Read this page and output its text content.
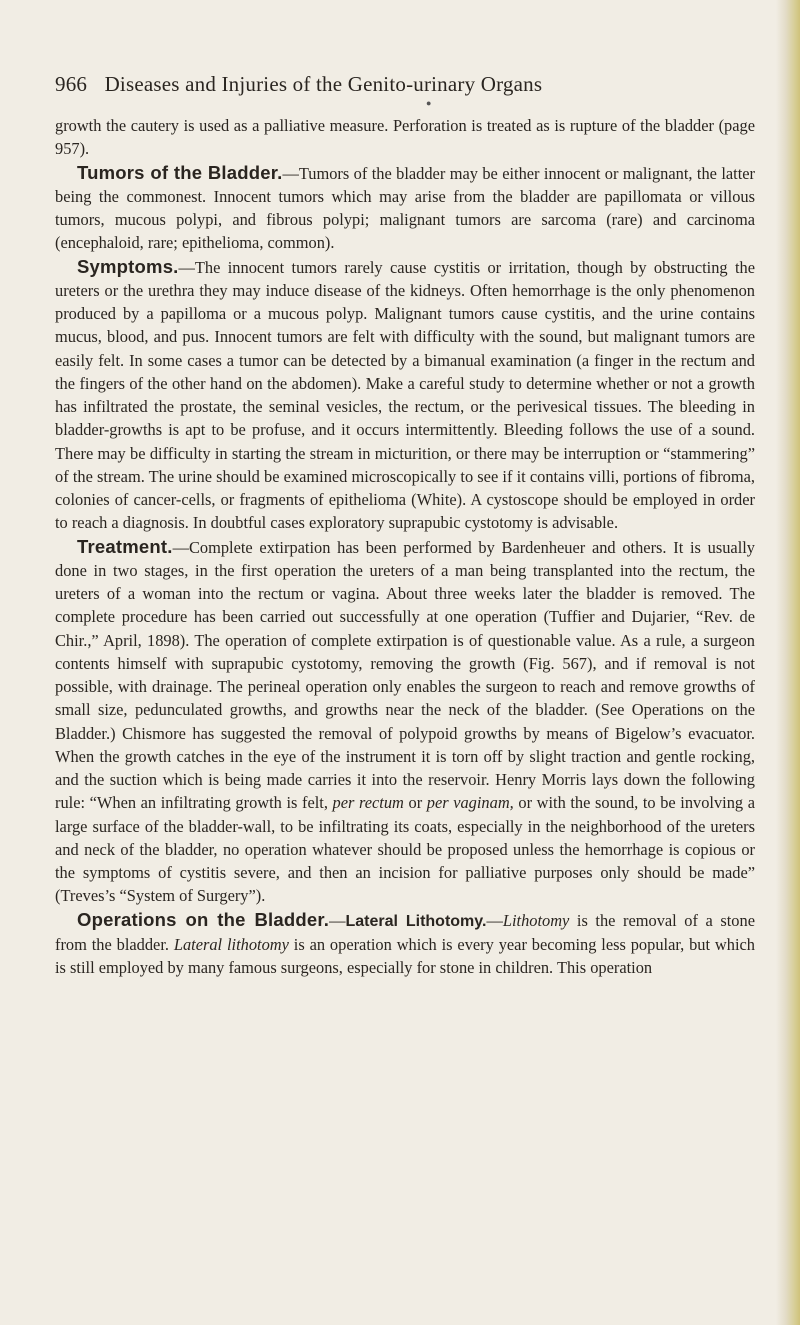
966 Diseases and Injuries of the Genito-urinary Organs
●

growth the cautery is used as a palliative measure. Perforation is treated as is rupture of the bladder (page 957).

Tumors of the Bladder.—Tumors of the bladder may be either innocent or malignant, the latter being the commonest. Innocent tumors which may arise from the bladder are papillomata or villous tumors, mucous polypi, and fibrous polypi; malignant tumors are sarcoma (rare) and carcinoma (encephaloid, rare; epithelioma, common).

Symptoms.—The innocent tumors rarely cause cystitis or irritation, though by obstructing the ureters or the urethra they may induce disease of the kidneys. Often hemorrhage is the only phenomenon produced by a papilloma or a mucous polyp. Malignant tumors cause cystitis, and the urine contains mucus, blood, and pus. Innocent tumors are felt with difficulty with the sound, but malignant tumors are easily felt. In some cases a tumor can be detected by a bimanual examination (a finger in the rectum and the fingers of the other hand on the abdomen). Make a careful study to determine whether or not a growth has infiltrated the prostate, the seminal vesicles, the rectum, or the perivesical tissues. The bleeding in bladder-growths is apt to be profuse, and it occurs intermittently. Bleeding follows the use of a sound. There may be difficulty in starting the stream in micturition, or there may be interruption or “stammering” of the stream. The urine should be examined microscopically to see if it contains villi, portions of fibroma, colonies of cancer-cells, or fragments of epithelioma (White). A cystoscope should be employed in order to reach a diagnosis. In doubtful cases exploratory suprapubic cystotomy is advisable.

Treatment.—Complete extirpation has been performed by Bardenheuer and others. It is usually done in two stages, in the first operation the ureters of a man being transplanted into the rectum, the ureters of a woman into the rectum or vagina. About three weeks later the bladder is removed. The complete procedure has been carried out successfully at one operation (Tuffier and Dujarier, “Rev. de Chir.,” April, 1898). The operation of complete extirpation is of questionable value. As a rule, a surgeon contents himself with suprapubic cystotomy, removing the growth (Fig. 567), and if removal is not possible, with drainage. The perineal operation only enables the surgeon to reach and remove growths of small size, pedunculated growths, and growths near the neck of the bladder. (See Operations on the Bladder.) Chismore has suggested the removal of polypoid growths by means of Bigelow’s evacuator. When the growth catches in the eye of the instrument it is torn off by slight traction and gentle rocking, and the suction which is being made carries it into the reservoir. Henry Morris lays down the following rule: “When an infiltrating growth is felt, per rectum or per vaginam, or with the sound, to be involving a large surface of the bladder-wall, to be infiltrating its coats, especially in the neighborhood of the ureters and neck of the bladder, no operation whatever should be proposed unless the hemorrhage is copious or the symptoms of cystitis severe, and then an incision for palliative purposes only should be made” (Treves’s “System of Surgery”).

Operations on the Bladder.—Lateral Lithotomy.—Lithotomy is the removal of a stone from the bladder. Lateral lithotomy is an operation which is every year becoming less popular, but which is still employed by many famous surgeons, especially for stone in children. This operation
